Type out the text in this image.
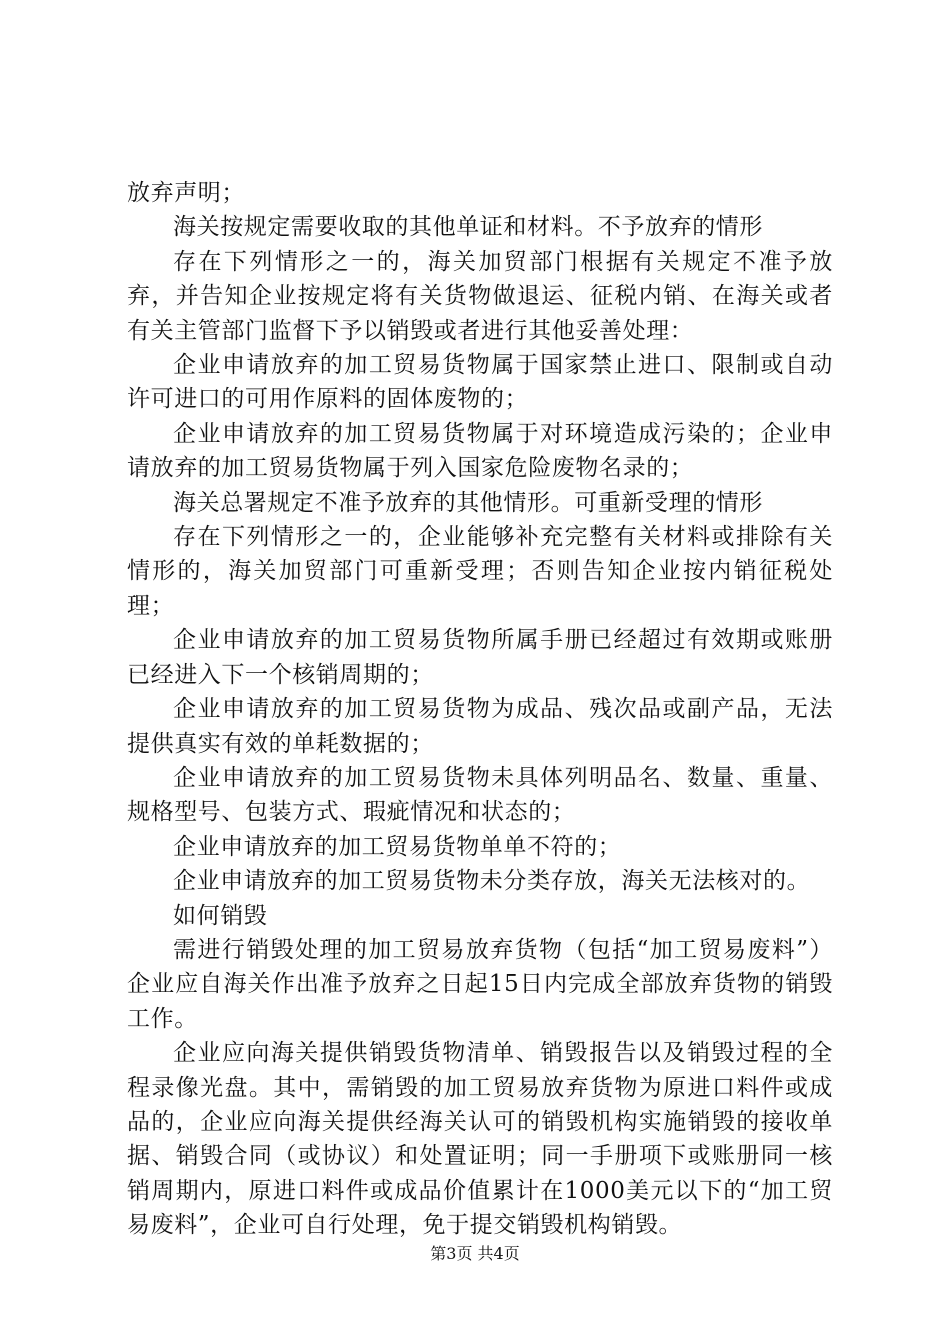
放弃声明；

海关按规定需要收取的其他单证和材料。不予放弃的情形

存在下列情形之一的，海关加贸部门根据有关规定不准予放弃，并告知企业按规定将有关货物做退运、征税内销、在海关或者有关主管部门监督下予以销毁或者进行其他妥善处理：

企业申请放弃的加工贸易货物属于国家禁止进口、限制或自动许可进口的可用作原料的固体废物的；

企业申请放弃的加工贸易货物属于对环境造成污染的；企业申请放弃的加工贸易货物属于列入国家危险废物名录的；

海关总署规定不准予放弃的其他情形。可重新受理的情形

存在下列情形之一的，企业能够补充完整有关材料或排除有关情形的，海关加贸部门可重新受理；否则告知企业按内销征税处理；

企业申请放弃的加工贸易货物所属手册已经超过有效期或账册已经进入下一个核销周期的；

企业申请放弃的加工贸易货物为成品、残次品或副产品，无法提供真实有效的单耗数据的；

企业申请放弃的加工贸易货物未具体列明品名、数量、重量、规格型号、包装方式、瑕疵情况和状态的；

企业申请放弃的加工贸易货物单单不符的；

企业申请放弃的加工贸易货物未分类存放，海关无法核对的。

如何销毁

需进行销毁处理的加工贸易放弃货物（包括“加工贸易废料”）企业应自海关作出准予放弃之日起15日内完成全部放弃货物的销毁工作。

企业应向海关提供销毁货物清单、销毁报告以及销毁过程的全程录像光盘。其中，需销毁的加工贸易放弃货物为原进口料件或成品的，企业应向海关提供经海关认可的销毁机构实施销毁的接收单据、销毁合同（或协议）和处置证明；同一手册项下或账册同一核销周期内，原进口料件或成品价值累计在1000美元以下的“加工贸易废料”，企业可自行处理，免于提交销毁机构销毁。

第3页 共4页
